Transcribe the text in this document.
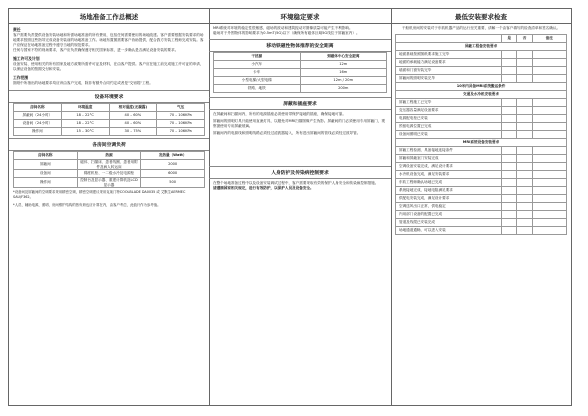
场地准备工作总概述
责任

客户需要负责提供设备安装场地和所需场地准备的所有费用，包括任何需要使用的场地改建。客户需要根据安装要求的场地要求按照这些指导完成设备安装前的场地准备工作。场地布置图需要客户协助提供，配合我方安装工程师完成安装。客户应保证在场地准备过程中遵守当地的规范要求。

任何与国家不符的现场要求，客户应负责确保遵守相关国家标准，进一步确认是否满足设备安装的要求。

施工许可及计划

设备安装、使用相关的所有国家及地方政策所需许可证及材料，在由客户提供。客户应在施工前完成施工许可证的申请，以保证设备的按期交付和安装。

工作范围

图纸中所指出的场地要求均应该由客户完成，除非有额外合同约定或者是"交钥匙"工程。

设备环境要求
房间名称	环境温度	相对湿度(无凝露)	气压
屏蔽间（24小时）	18 – 22°C	40 – 60%	70 – 106KPa
设备间（24小时）	18 – 22°C	40 – 60%	70 – 106KPa
操作间	15 – 30°C	30 – 75%	70 – 106KPa
各房间空调负荷
房间名称	热源	发热量（Watt）
屏蔽间	磁体、扫描床、患者线圈、患者用附件及病人转运床	2000
设备间	梯度机柜、一二级水冷及电源柜	6000
操作间	控制台及显示器、重建计算机及LCD显示器	500

*设备间及屏蔽间的空调要求采用精密空调，精密空调建议采用克莱门特COOLBLADE DA0035 或 艾默生AERMEC SAU/F362。

*人员、辅助电源、照明、房间维护结构的热负荷也应计算在内，由客户考虑，此值只作为参考值。

环境稳定要求

MRI系统对环境的稳定性很敏感，磁场的波动和建筑振动对图像质量可能产生不利影响。

磁场对于外围物体的影响要求为0.5mT(5G)以下（确保所有磁体区域5G线位于屏蔽室内）。

移动铁磁性物体推荐的安全距离
干扰源	到磁体中心安全距离
小汽车	12m
卡车	16m
小型电梯/大型电梯	12m / 20m
铁路、地铁	200m
屏蔽和插座要求

在屏蔽间和扫描间内，所有的电源插座必须使用带保护接地的插座，确保接地可靠。

屏蔽间的照明灯具只能使用直流灯具，以避免对MRI扫描图像产生伪影。屏蔽间的门必须使用专用屏蔽门，观察窗使用专用屏蔽玻璃。

屏蔽间内的电源线和照明线路必须经过滤波器接入，所有进出屏蔽间的管线必须经过波导管。

人身防护及传染病控制要求

在整个场地准备过程中以及设备安装调试过程中，客户需要采取有效的保护人身安全和传染病控制措施。

请遵循国家相关规定，进行有效防护，以保护人员及设备安全。

最低安装要求检查

干船机房间的安装对于东软机器产品的运行至关重要，请解一个由客户填写的检查清单和签名确认。

	是	否	备注
屏蔽工程备安装要求			
地面基础按照图纸要求施工完毕			
地面的承载能力满足设备要求			
墙面和门窗安装完毕			
屏蔽间的照明安装完毕			
10米内具备MRI系统搬运条件			
交通及水冷机安装要求			
屏蔽工程施工已完毕			
变压器容量满足设备要求			
电源配电柜已安装			
预留电源位置已完成			
设备间照明已安装			
MRI系统设备安装要求			
屏蔽工程检测，具备接地连接条件			
屏蔽和屏蔽室门安装完成			
空调设备安装完成，满足设计要求			
水冷机设备完成，满足安装要求			
东软工程师确认场地已完成			
系统接地完成，接地电阻满足要求			
供配电安装完成，满足设计要求			
空调送风出口正常，供电稳定			
内用部门设备的配置已完成			
管道及线缆已安装完成			
场地通道通畅，可以进入安装			
